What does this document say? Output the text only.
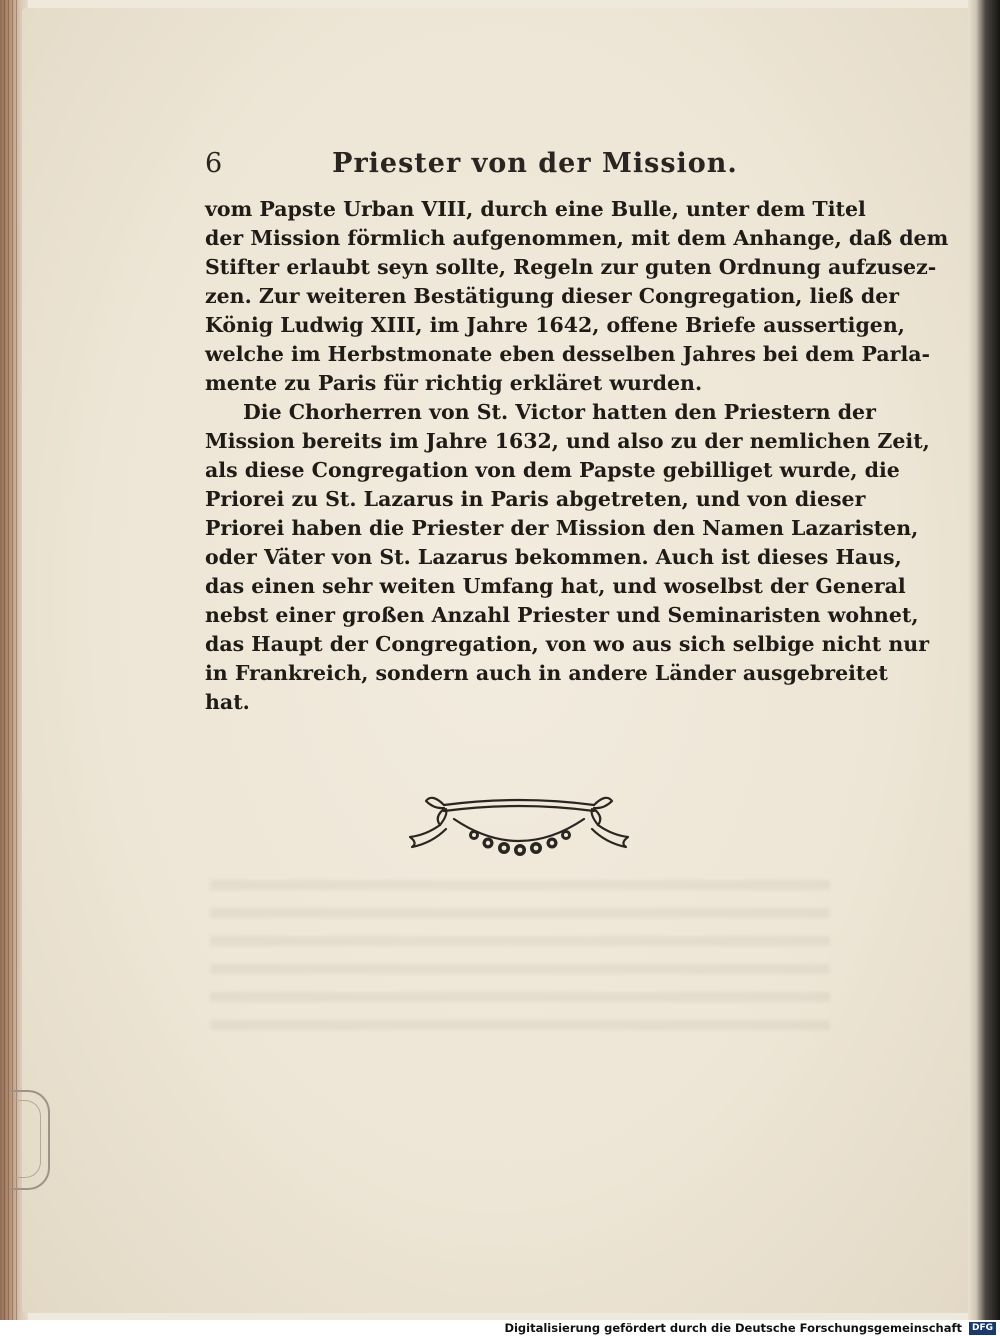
6	Priester von der Mission.
vom Papste Urban VIII, durch eine Bulle, unter dem Titel
der Mission förmlich aufgenommen, mit dem Anhange, daß dem
Stifter erlaubt seyn sollte, Regeln zur guten Ordnung aufzusez-
zen. Zur weiteren Bestätigung dieser Congregation, ließ der
König Ludwig XIII, im Jahre 1642, offene Briefe aussertigen,
welche im Herbstmonate eben desselben Jahres bei dem Parla-
mente zu Paris für richtig erkläret wurden.
Die Chorherren von St. Victor hatten den Priestern der
Mission bereits im Jahre 1632, und also zu der nemlichen Zeit,
als diese Congregation von dem Papste gebilliget wurde, die
Priorei zu St. Lazarus in Paris abgetreten, und von dieser
Priorei haben die Priester der Mission den Namen Lazaristen,
oder Väter von St. Lazarus bekommen. Auch ist dieses Haus,
das einen sehr weiten Umfang hat, und woselbst der General
nebst einer großen Anzahl Priester und Seminaristen wohnet,
das Haupt der Congregation, von wo aus sich selbige nicht nur
in Frankreich, sondern auch in andere Länder ausgebreitet
hat.
Digitalisierung gefördert durch die Deutsche Forschungsgemeinschaft	DFG
